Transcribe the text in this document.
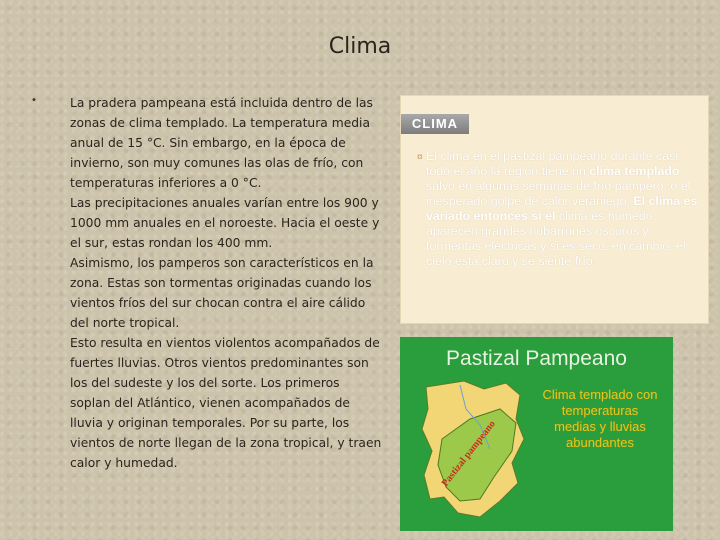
Clima
•	La pradera pampeana está incluida dentro de las zonas de clima templado. La temperatura media anual de 15 °C. Sin embargo, en la época de invierno, son muy comunes las olas de frío, con temperaturas inferiores a 0 °C.

Las precipitaciones anuales varían entre los 900 y 1000 mm anuales en el noroeste. Hacia el oeste y el sur, estas rondan los 400 mm.

Asimismo, los pamperos son característicos en la zona. Estas son tormentas originadas cuando los vientos fríos del sur chocan contra el aire cálido del norte tropical.

Esto resulta en vientos violentos acompañados de fuertes lluvias. Otros vientos predominantes son los del sudeste y los del sorte. Los primeros soplan del Atlántico, vienen acompañados de lluvia y originan temporales. Por su parte, los vientos de norte llegan de la zona tropical, y traen calor y humedad.

CLIMA
¤ El clima en el pastizal pampeano durante casi todo el año la región tiene un clima templado, salvo en algunas semanas de frío pampero, o el inesperado golpe de calor veraniego. El clima es variado entonces si el clima es húmedo aparecen grandes nubarrones oscuros y tormentas eléctricas y si es seco, en cambio, el cielo está claro y se siente frío.

Pastizal Pampeano
Pastizal pampeano

Clima templado con temperaturas medias y lluvias abundantes
